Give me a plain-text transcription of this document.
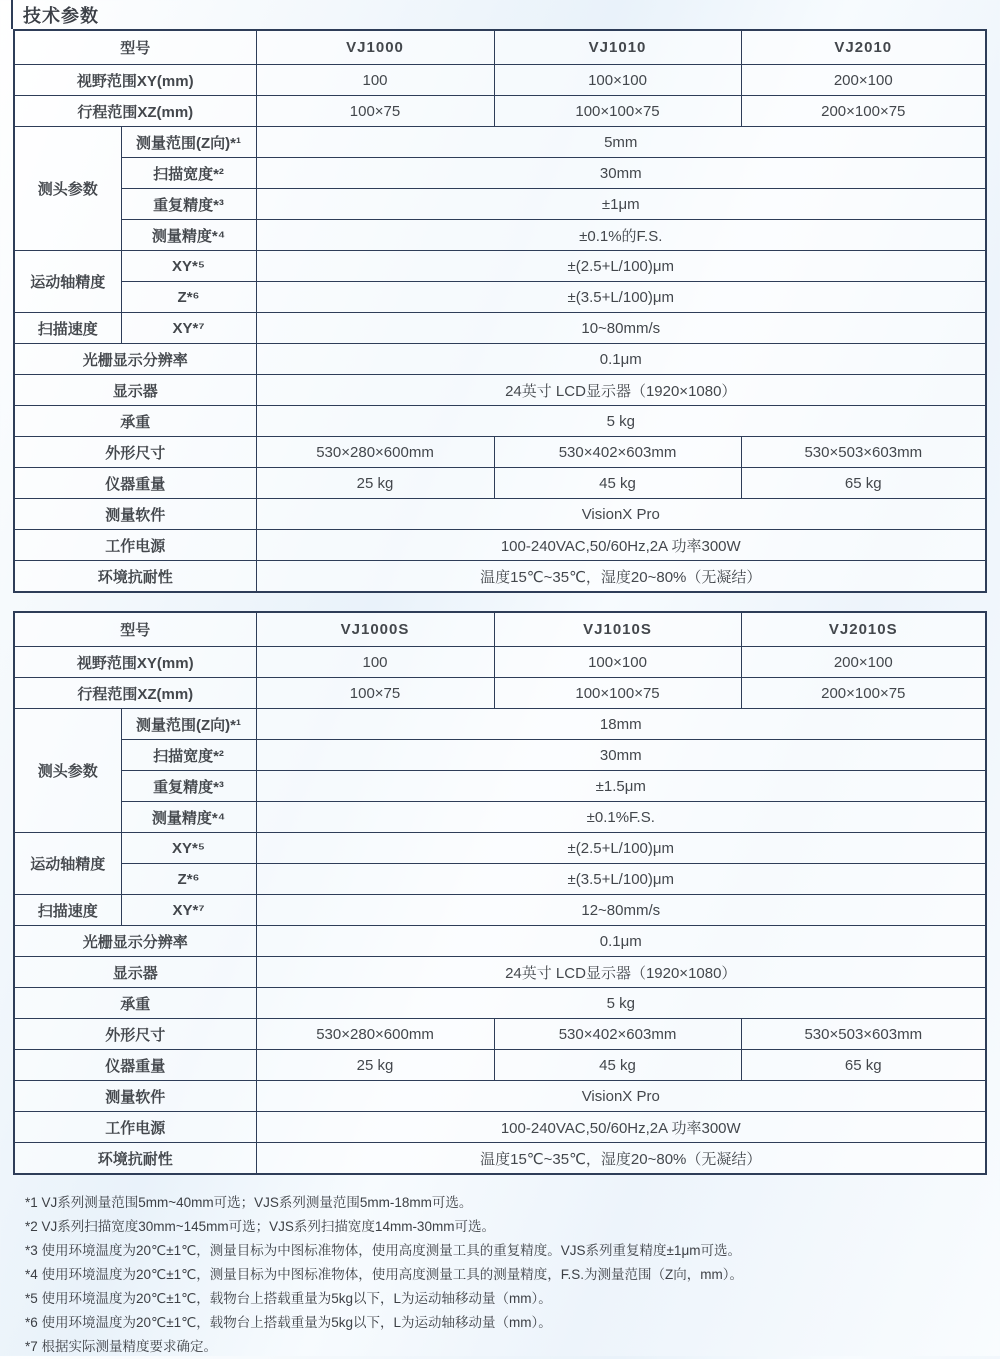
技术参数
型号		VJ1000	VJ1010	VJ2010
视野范围XY(mm)		100	100×100	200×100
行程范围XZ(mm)		100×75	100×100×75	200×100×75
测头参数	测量范围(Z向)*¹	5mm		
	扫描宽度*²	30mm		
	重复精度*³	±1μm		
	测量精度*⁴	±0.1%的F.S.		
运动轴精度	XY*⁵	±(2.5+L/100)μm		
	Z*⁶	±(3.5+L/100)μm		
扫描速度	XY*⁷	10~80mm/s		
光栅显示分辨率		0.1μm		
显示器		24英寸 LCD显示器（1920×1080）		
承重		5 kg		
外形尺寸		530×280×600mm	530×402×603mm	530×503×603mm
仪器重量		25 kg	45 kg	65 kg
测量软件		VisionX Pro		
工作电源		100-240VAC,50/60Hz,2A 功率300W		
环境抗耐性		温度15℃~35℃，湿度20~80%（无凝结）		
型号		VJ1000S	VJ1010S	VJ2010S
视野范围XY(mm)		100	100×100	200×100
行程范围XZ(mm)		100×75	100×100×75	200×100×75
测头参数	测量范围(Z向)*¹	18mm		
	扫描宽度*²	30mm		
	重复精度*³	±1.5μm		
	测量精度*⁴	±0.1%F.S.		
运动轴精度	XY*⁵	±(2.5+L/100)μm		
	Z*⁶	±(3.5+L/100)μm		
扫描速度	XY*⁷	12~80mm/s		
光栅显示分辨率		0.1μm		
显示器		24英寸 LCD显示器（1920×1080）		
承重		5 kg		
外形尺寸		530×280×600mm	530×402×603mm	530×503×603mm
仪器重量		25 kg	45 kg	65 kg
测量软件		VisionX Pro		
工作电源		100-240VAC,50/60Hz,2A 功率300W		
环境抗耐性		温度15℃~35℃，湿度20~80%（无凝结）		
*1 VJ系列测量范围5mm~40mm可选；VJS系列测量范围5mm-18mm可选。
*2 VJ系列扫描宽度30mm~145mm可选；VJS系列扫描宽度14mm-30mm可选。
*3 使用环境温度为20℃±1℃，测量目标为中图标准物体，使用高度测量工具的重复精度。VJS系列重复精度±1μm可选。
*4 使用环境温度为20℃±1℃，测量目标为中图标准物体，使用高度测量工具的测量精度，F.S.为测量范围（Z向，mm）。
*5 使用环境温度为20℃±1℃，载物台上搭载重量为5kg以下，L为运动轴移动量（mm）。
*6 使用环境温度为20℃±1℃，载物台上搭载重量为5kg以下，L为运动轴移动量（mm）。
*7 根据实际测量精度要求确定。
